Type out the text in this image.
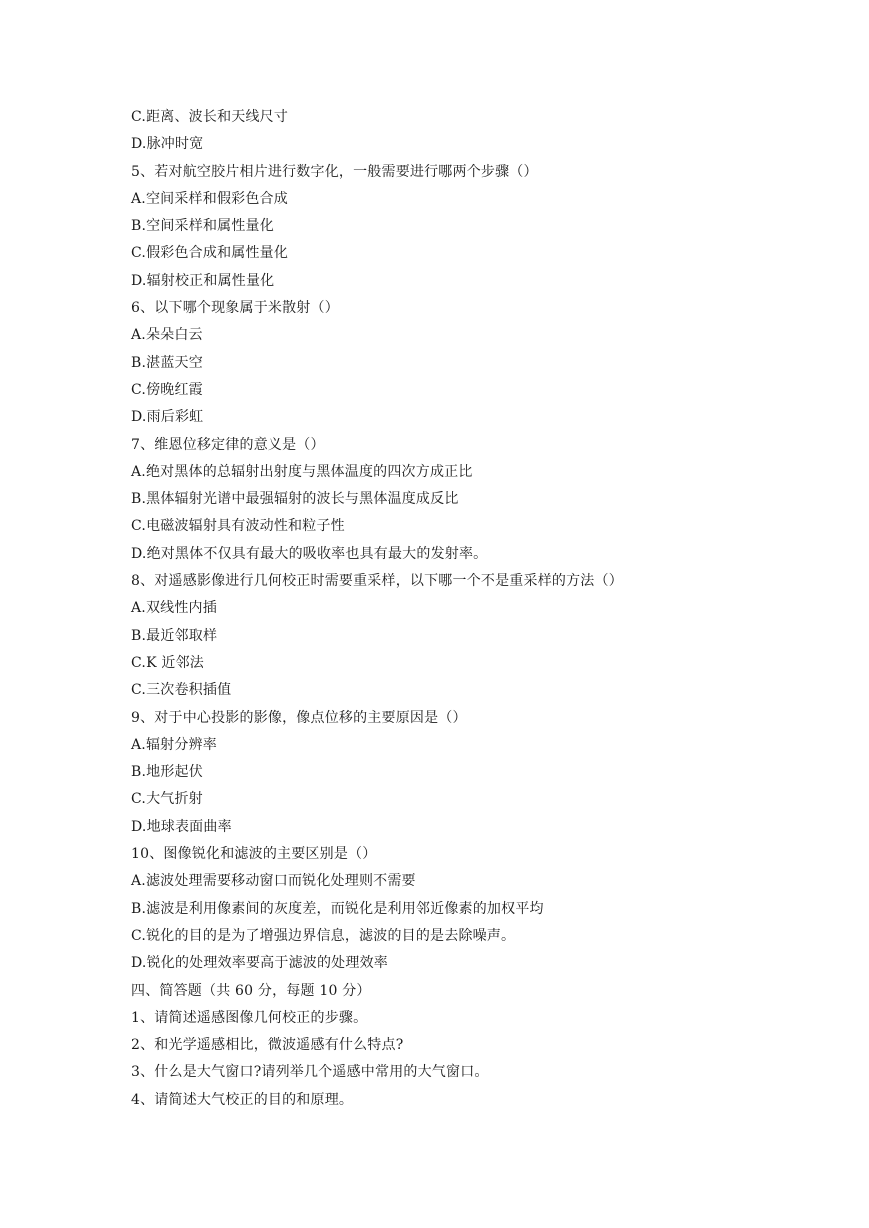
C.距离、波长和天线尺寸
D.脉冲时宽
5、若对航空胶片相片进行数字化，一般需要进行哪两个步骤（）
A.空间采样和假彩色合成
B.空间采样和属性量化
C.假彩色合成和属性量化
D.辐射校正和属性量化
6、以下哪个现象属于米散射（）
A.朵朵白云
B.湛蓝天空
C.傍晚红霞
D.雨后彩虹
7、维恩位移定律的意义是（）
A.绝对黑体的总辐射出射度与黑体温度的四次方成正比
B.黑体辐射光谱中最强辐射的波长与黑体温度成反比
C.电磁波辐射具有波动性和粒子性
D.绝对黑体不仅具有最大的吸收率也具有最大的发射率。
8、对遥感影像进行几何校正时需要重采样，以下哪一个不是重采样的方法（）
A.双线性内插
B.最近邻取样
C.K 近邻法
C.三次卷积插值
9、对于中心投影的影像，像点位移的主要原因是（）
A.辐射分辨率
B.地形起伏
C.大气折射
D.地球表面曲率
10、图像锐化和滤波的主要区别是（）
A.滤波处理需要移动窗口而锐化处理则不需要
B.滤波是利用像素间的灰度差，而锐化是利用邻近像素的加权平均
C.锐化的目的是为了增强边界信息，滤波的目的是去除噪声。
D.锐化的处理效率要高于滤波的处理效率
四、简答题（共 60 分，每题 10 分）
1、请简述遥感图像几何校正的步骤。
2、和光学遥感相比，微波遥感有什么特点?
3、什么是大气窗口?请列举几个遥感中常用的大气窗口。
4、请简述大气校正的目的和原理。
